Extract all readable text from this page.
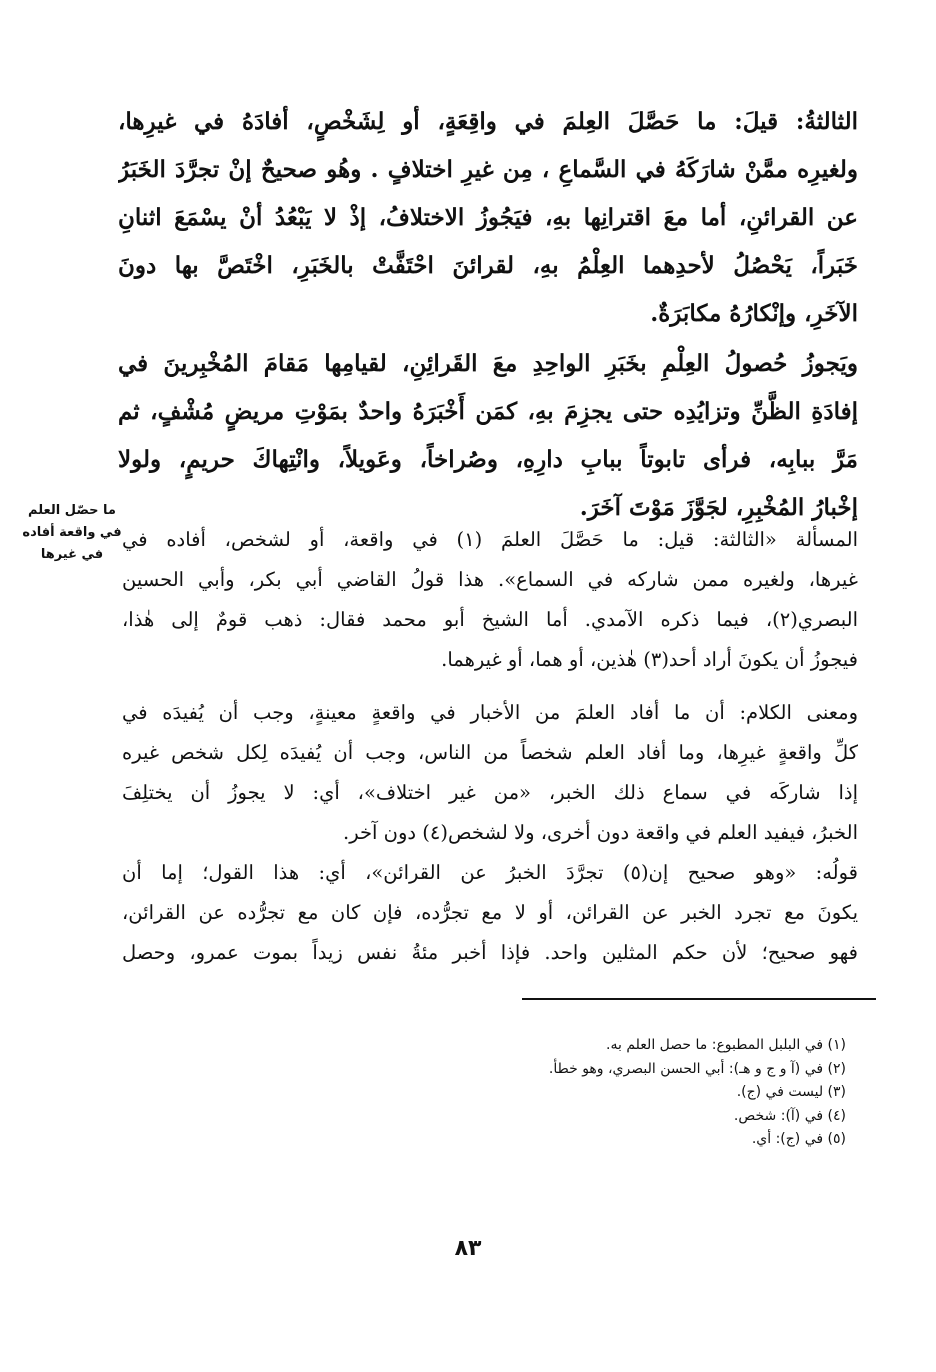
الثالثةُ: قيلَ: ما حَصَّلَ العِلمَ في واقِعَةٍ، أو لِشَخْصٍ، أفادَهُ في غيرِها،
ولغيرِه ممَّنْ شارَكَهُ في السَّماعِ ، مِن غيرِ اختلافٍ . وهُو صحيحٌ إنْ تجرَّدَ الخَبَرُ
عن القرائنِ، أما معَ اقترانِها بهِ، فيَجُوزُ الاختلافُ، إذْ لا يَبْعُدُ أنْ يسْمَعَ اثنانِ
خَبَراً، يَحْصُلُ لأحدِهما العِلْمُ بهِ، لقرائنَ احْتَفَّتْ بالخَبَرِ، اخْتَصَّ بها دونَ
الآخَرِ، وإنْكارُهُ مكابَرَةٌ.
ويَجوزُ حُصولُ العِلْمِ بخَبَرِ الواحِدِ معَ القَرائِنِ، لقيامِها مَقامَ المُخْبِرينَ في
إفادَةِ الظَّنِّ وتزايُدِه حتى يجزِمَ بهِ، كمَن أَخْبَرَهُ واحدٌ بمَوْتِ مريضٍ مُشْفٍ، ثم
مَرَّ ببابِه، فرأى تابوتاً ببابِ دارِهِ، وصُراخاً، وعَويلاً، وانْتِهاكَ حريمٍ، ولولا
إخْبارُ المُخْبِرِ، لجَوَّزَ مَوْتَ آخَرَ.
ما حصّل العلم
في واقعة أفاده
في غيرها
المسألة «الثالثة: قيل: ما حَصَّلَ العلمَ (١) في واقعة، أو لشخص، أفاده في
غيرها، ولغيره ممن شاركه في السماع». هذا قولُ القاضي أبي بكر، وأبي الحسين
البصري(٢)، فيما ذكره الآمدي. أما الشيخ أبو محمد فقال: ذهب قومٌ إلى هٰذا،
فيجوزُ أن يكونَ أراد أحد(٣) هٰذين، أو هما، أو غيرهما.
ومعنى الكلام: أن ما أفاد العلمَ من الأخبار في واقعةٍ معينةٍ، وجب أن يُفيدَه في
كلِّ واقعةٍ غيرِها، وما أفاد العلم شخصاً من الناس، وجب أن يُفيدَه لِكل شخص غيره
إذا شاركَه في سماع ذلك الخبر، «من غير اختلاف»، أي: لا يجوزُ أن يختلِفَ
الخبرُ، فيفيد العلم في واقعة دون أخرى، ولا لشخص(٤) دون آخر.
قولُه: «وهو صحيح إن(٥) تجرَّدَ الخبرُ عن القرائن»، أي: هذا القول؛ إما أن
يكونَ مع تجرد الخبر عن القرائن، أو لا مع تجرُّده، فإن كان مع تجرُّده عن القرائن،
فهو صحيح؛ لأن حكم المثلين واحد. فإذا أخبر مئةُ نفس زيداً بموت عمرو، وحصل
(١) في البلبل المطبوع: ما حصل العلم به.
(٢) في (آ و ج و هـ): أبي الحسن البصري، وهو خطأ.
(٣) ليست في (ج).
(٤) في (آ): شخص.
(٥) في (ج): أي.
٨٣
